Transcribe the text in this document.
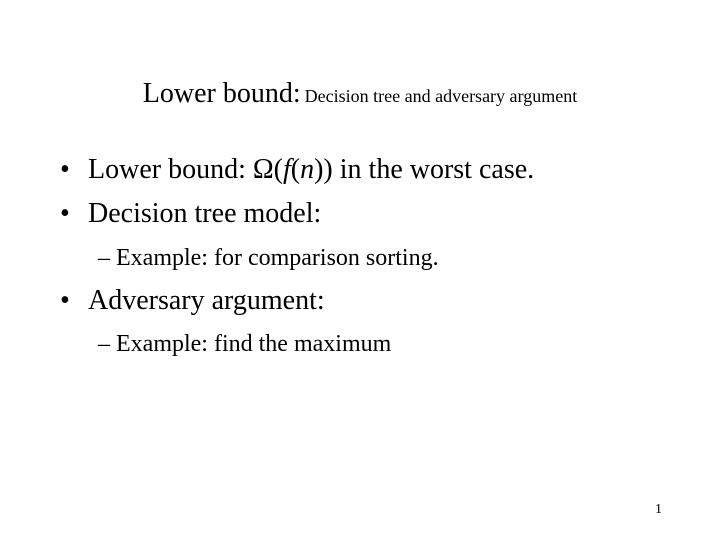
Lower bound: Decision tree and adversary argument
• Lower bound: Ω(f(n)) in the worst case.
• Decision tree model:
– Example: for comparison sorting.
• Adversary argument:
– Example: find the maximum
1
